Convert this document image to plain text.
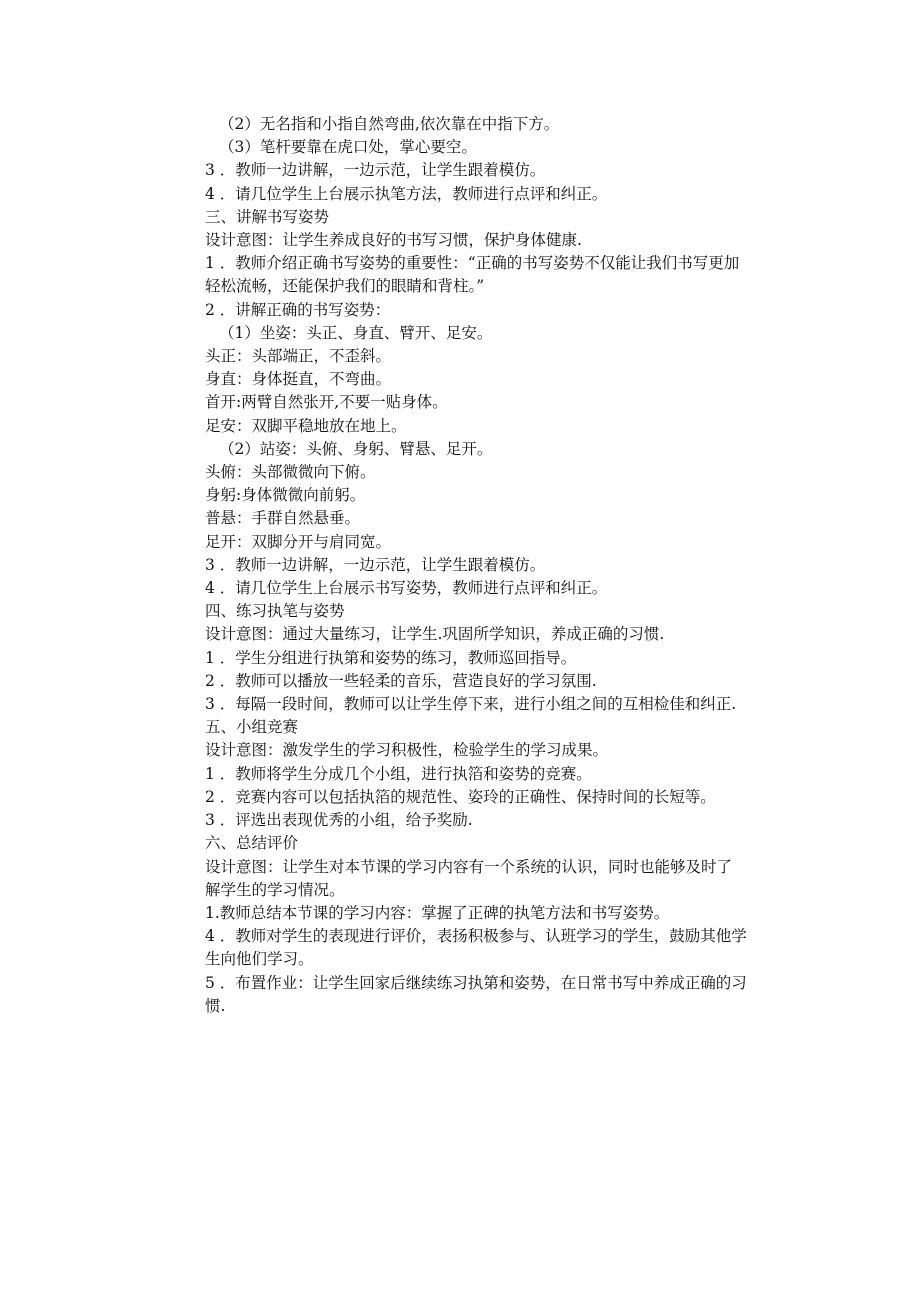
（2）无名指和小指自然弯曲,依次靠在中指下方。

（3）笔杆要靠在虎口处，掌心要空。

3 ．教师一边讲解，一边示范，让学生跟着模仿。

4 ．请几位学生上台展示执笔方法，教师进行点评和纠正。

三、讲解书写姿势

设计意图：让学生养成良好的书写习惯，保护身体健康.

1 ．教师介绍正确书写姿势的重要性：“正确的书写姿势不仅能让我们书写更加

轻松流畅，还能保护我们的眼睛和背柱。”

2 ．讲解正确的书写姿势：

（1）坐姿：头正、身直、臂开、足安。

头正：头部端正，不歪斜。

身直：身体挺直，不弯曲。

首开:两臂自然张开,不要一贴身体。

足安：双脚平稳地放在地上。

（2）站姿：头俯、身躬、臂悬、足开。

头俯：头部微微向下俯。

身躬:身体微微向前躬。

普悬：手群自然悬垂。

足开：双脚分开与肩同宽。

3 ．教师一边讲解，一边示范，让学生跟着模仿。

4 ．请几位学生上台展示书写姿势，教师进行点评和纠正。

四、练习执笔与姿势

设计意图：通过大量练习，让学生.巩固所学知识，养成正确的习惯.

1 ．学生分组进行执第和姿势的练习，教师巡回指导。

2 ．教师可以播放一些轻柔的音乐，营造良好的学习氛围.

3 ．每隔一段时间，教师可以让学生停下来，进行小组之间的互相检佳和纠正.

五、小组竞赛

设计意图：激发学生的学习积极性，检验学生的学习成果。

1 ．教师将学生分成几个小组，进行执箔和姿势的竞赛。

2 ．竞赛内容可以包括执箔的规范性、姿玲的正确性、保持时间的长短等。

3 ．评选出表现优秀的小组，给予奖励.

六、总结评价

设计意图：让学生对本节课的学习内容有一个系统的认识，同时也能够及时了

解学生的学习情况。

1.教师总结本节课的学习内容：掌握了正碑的执笔方法和书写姿势。

4 ．教师对学生的表现进行评价，表扬积极参与、认班学习的学生，鼓励其他学

生向他们学习。

5 ．布置作业：让学生回家后继续练习执第和姿势，在日常书写中养成正确的习

惯.
